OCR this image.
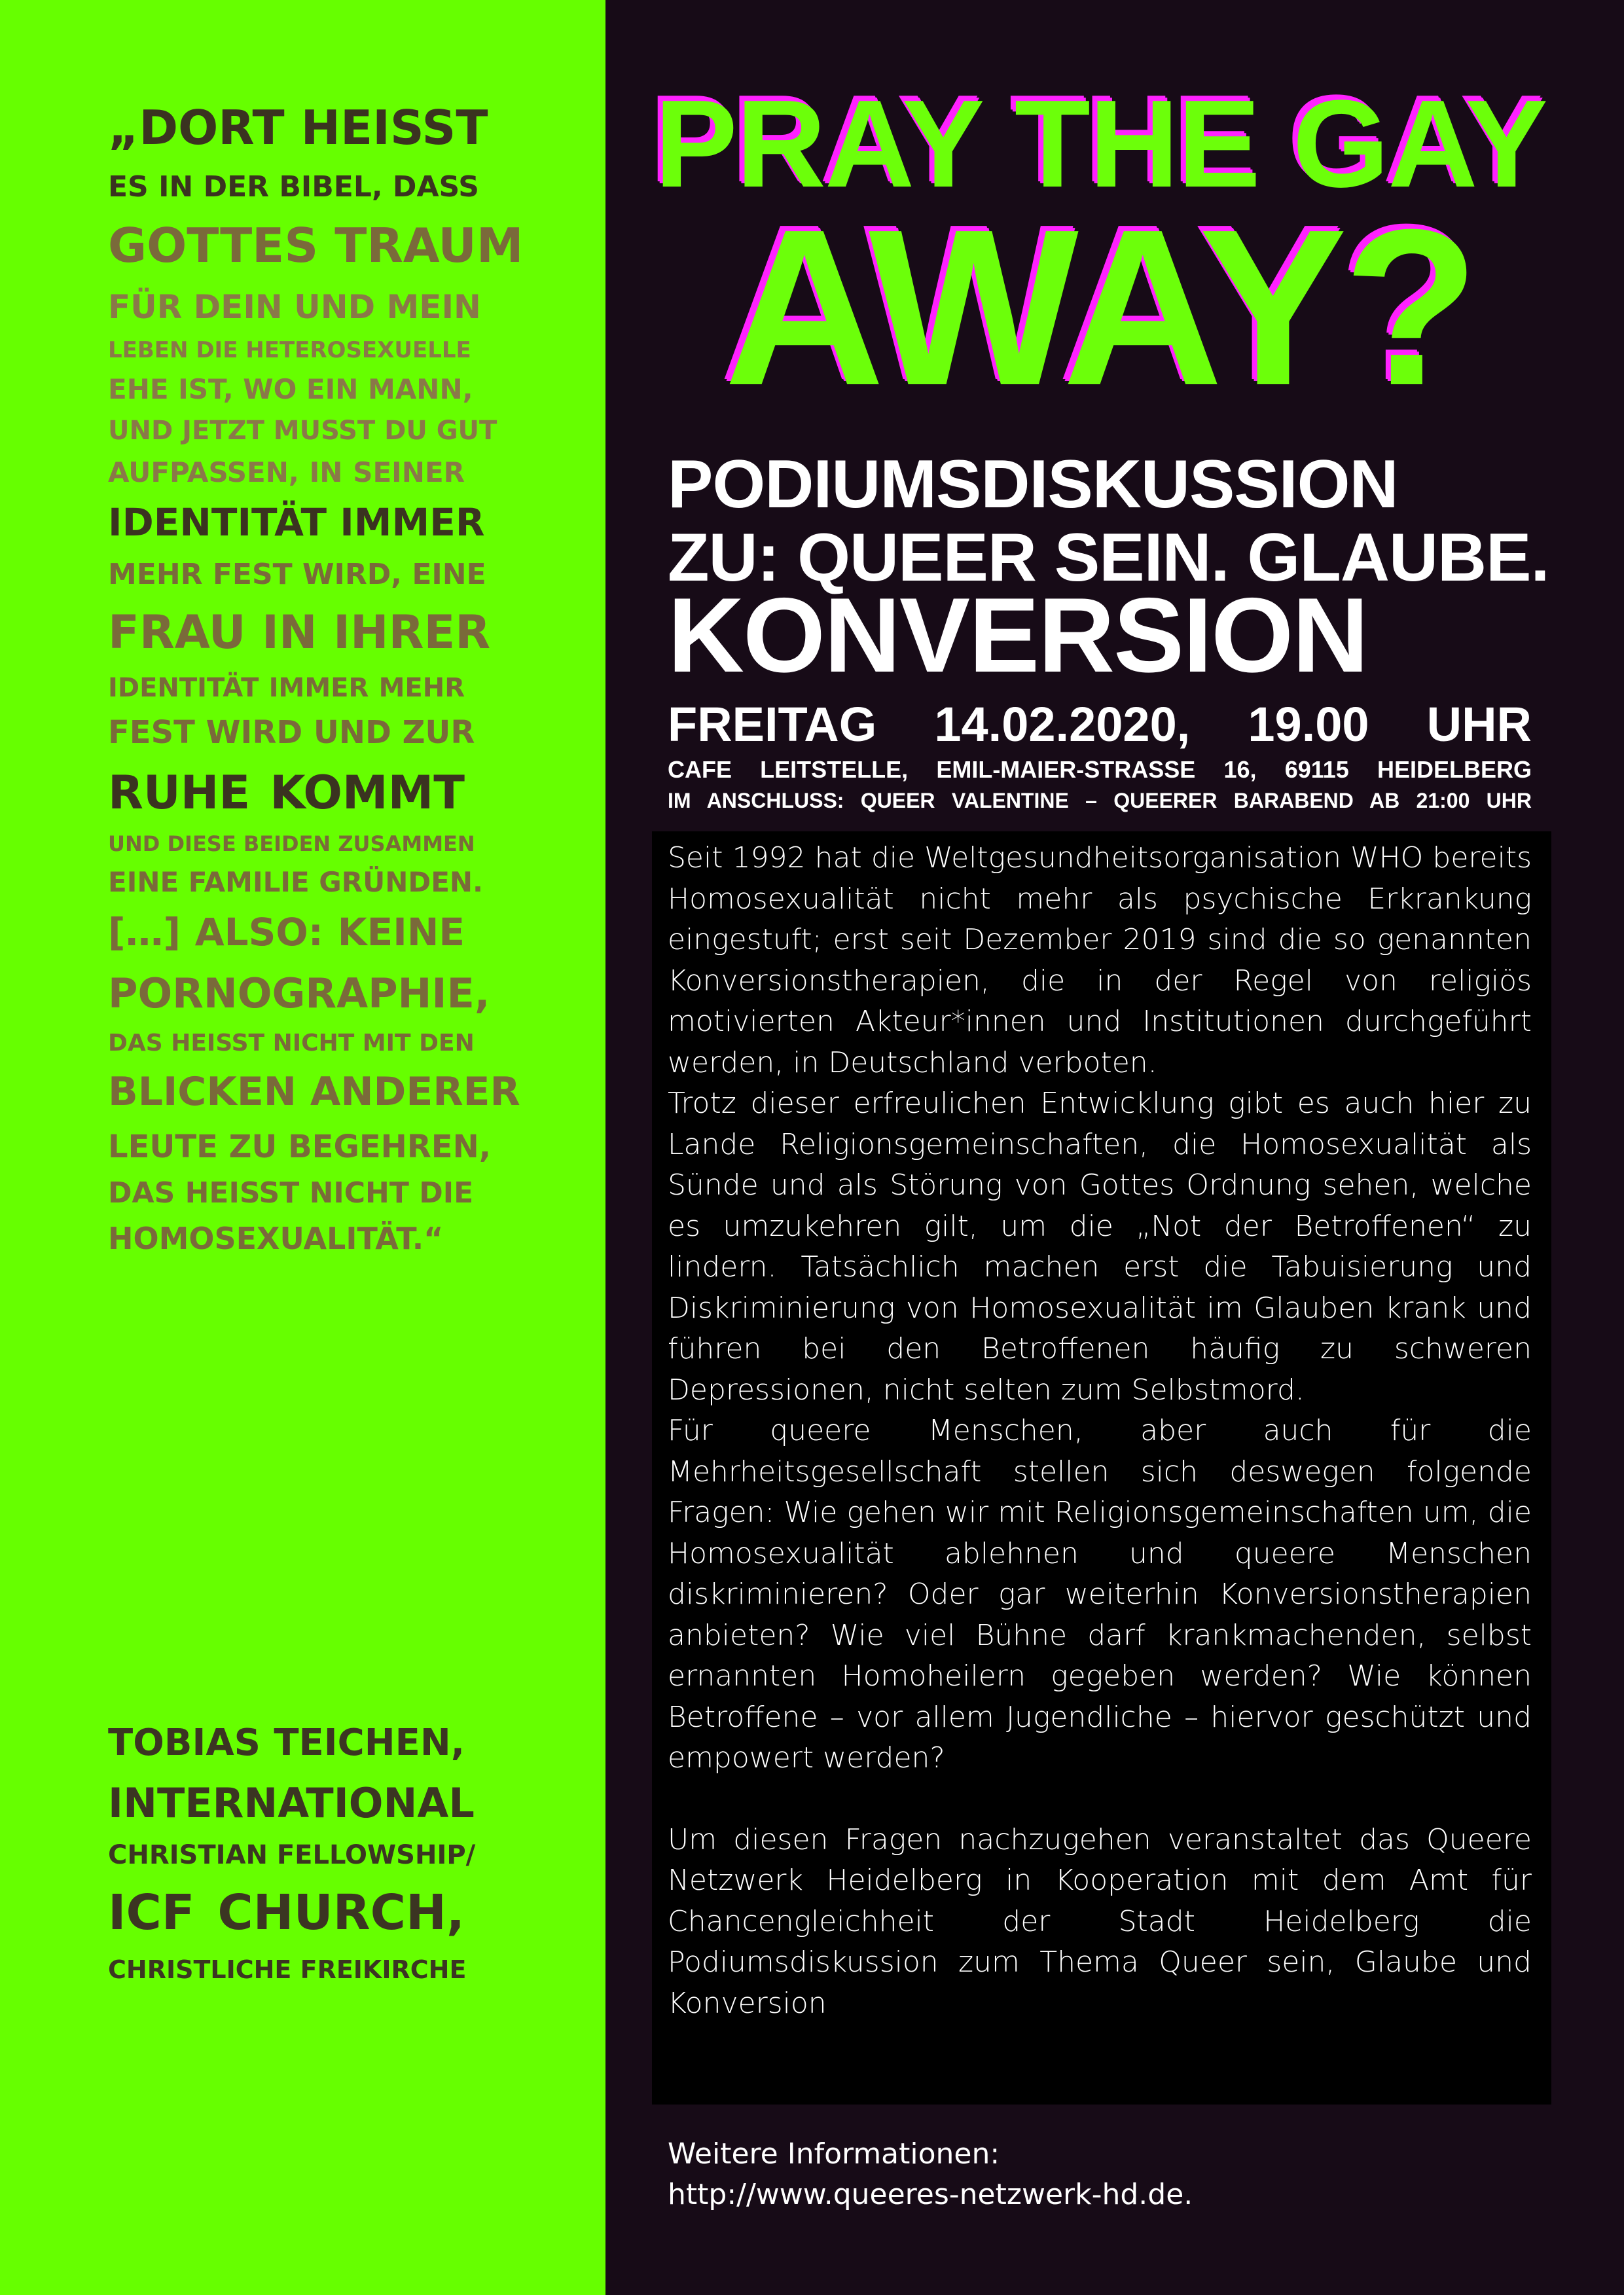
„DORT HEISST
ES IN DER BIBEL, DASS
GOTTES TRAUM
FÜR DEIN UND MEIN
LEBEN DIE HETEROSEXUELLE
EHE IST, WO EIN MANN,
UND JETZT MUSST DU GUT
AUFPASSEN, IN SEINER
IDENTITÄT IMMER
MEHR FEST WIRD, EINE
FRAU IN IHRER
IDENTITÄT IMMER MEHR
FEST WIRD UND ZUR
RUHE KOMMT
UND DIESE BEIDEN ZUSAMMEN
EINE FAMILIE GRÜNDEN.
[…] ALSO: KEINE
PORNOGRAPHIE,
DAS HEISST NICHT MIT DEN
BLICKEN ANDERER
LEUTE ZU BEGEHREN,
DAS HEISST NICHT DIE
HOMOSEXUALITÄT.“
TOBIAS TEICHEN,
INTERNATIONAL
CHRISTIAN FELLOWSHIP/
ICF CHURCH,
CHRISTLICHE FREIKIRCHE
PRAY THE GAY
AWAY?
PODIUMSDISKUSSION
ZU: QUEER SEIN. GLAUBE.
KONVERSION
FREITAG 14.02.2020, 19.00 UHR
CAFE LEITSTELLE, EMIL-MAIER-STRASSE 16, 69115 HEIDELBERG
IM ANSCHLUSS: QUEER VALENTINE – QUEERER BARABEND AB 21:00 UHR

Seit 1992 hat die Weltgesundheitsorganisation WHO bereits Homosexualität nicht mehr als psychische Erkrankung eingestuft; erst seit Dezember 2019 sind die so genannten Konversionstherapien, die in der Regel von religiös motivierten Akteur*innen und Institutionen durchgeführt werden, in Deutschland verboten.

Trotz dieser erfreulichen Entwicklung gibt es auch hier zu Lande Religionsgemeinschaften, die Homosexualität als Sünde und als Störung von Gottes Ordnung sehen, welche es umzukehren gilt, um die „Not der Betroffenen“ zu lindern. Tatsächlich machen erst die Tabuisierung und Diskriminierung von Homosexualität im Glauben krank und führen bei den Betroffenen häufig zu schweren Depressionen, nicht selten zum Selbstmord.

Für queere Menschen, aber auch für die Mehrheitsgesellschaft stellen sich deswegen folgende Fragen: Wie gehen wir mit Religionsgemeinschaften um, die Homosexualität ablehnen und queere Menschen diskriminieren? Oder gar weiterhin Konversionstherapien anbieten? Wie viel Bühne darf krankmachenden, selbst ernannten Homoheilern gegeben werden? Wie können Betroffene – vor allem Jugendliche – hiervor geschützt und empowert werden?

Um diesen Fragen nachzugehen veranstaltet das Queere Netzwerk Heidelberg in Kooperation mit dem Amt für Chancengleichheit der Stadt Heidelberg die Podiumsdiskussion zum Thema Queer sein, Glaube und Konversion

Weitere Informationen:
http://www.queeres-netzwerk-hd.de.
